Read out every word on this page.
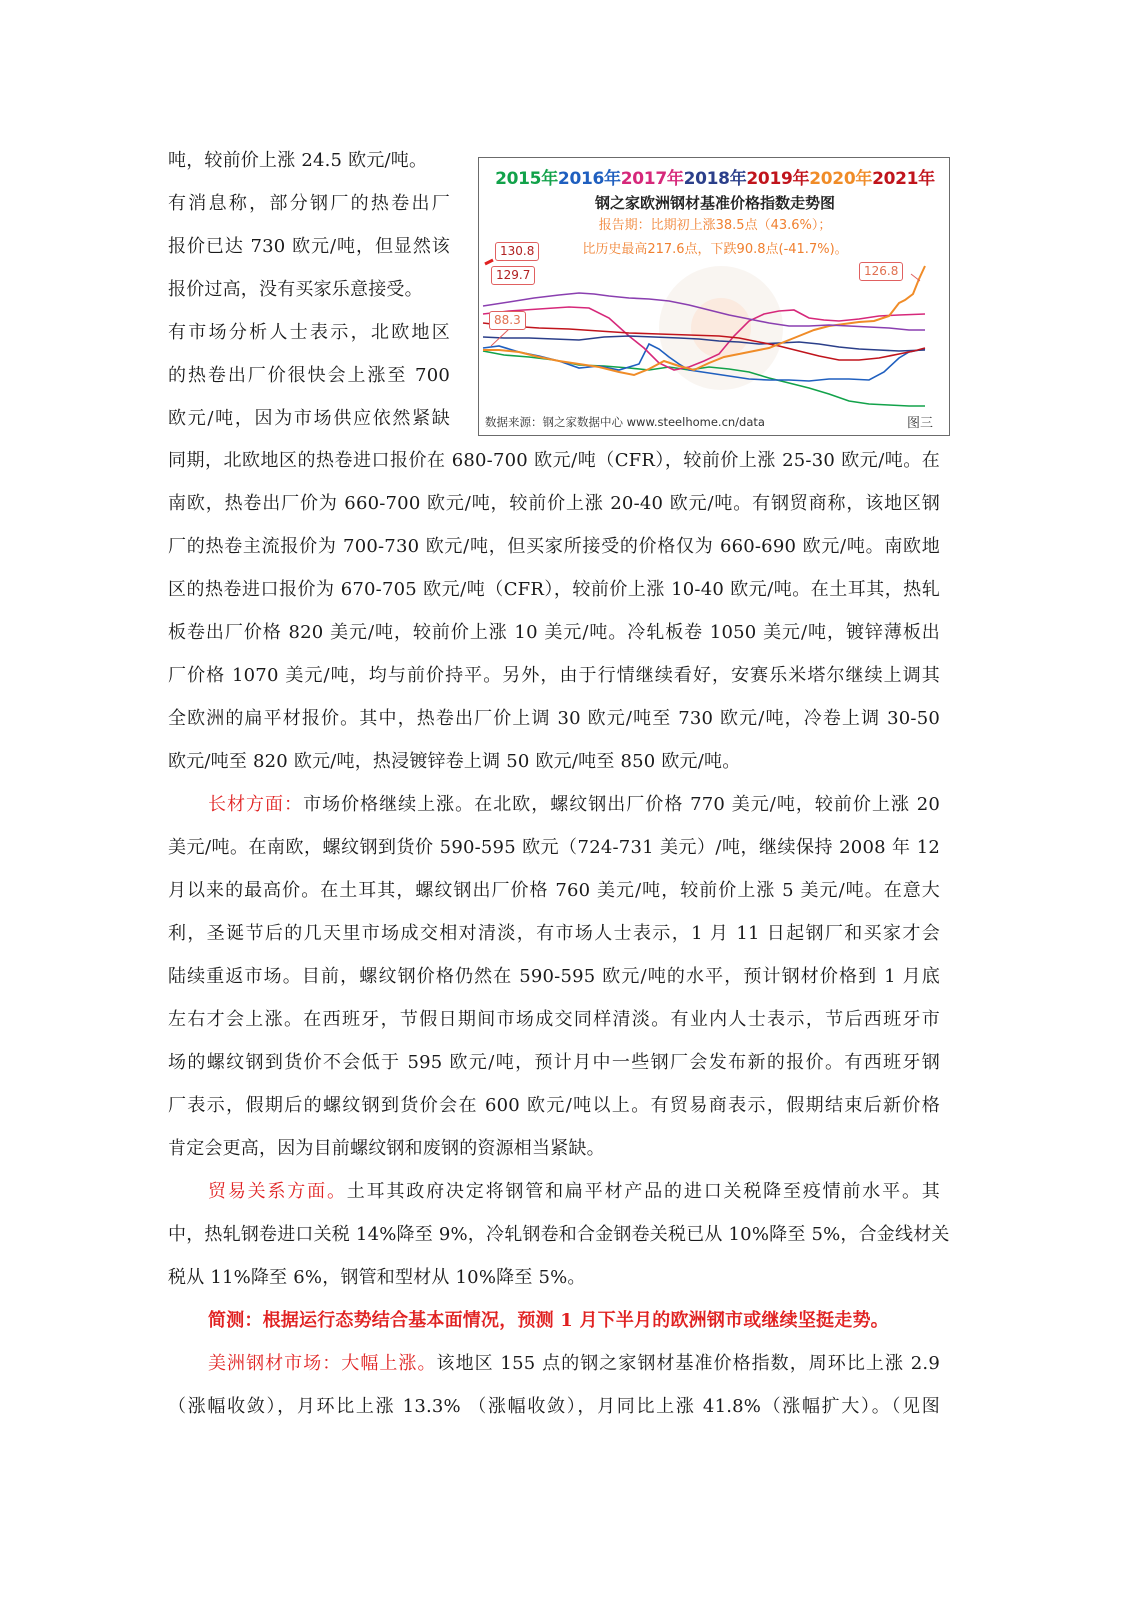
吨，较前价上涨 24.5 欧元/吨。
有消息称，部分钢厂的热卷出厂
报价已达 730 欧元/吨，但显然该
报价过高，没有买家乐意接受。
有市场分析人士表示，北欧地区
的热卷出厂价很快会上涨至 700
欧元/吨，因为市场供应依然紧缺
2015年2016年2017年2018年2019年2020年2021年
钢之家欧洲钢材基准价格指数走势图
报告期：比期初上涨38.5点（43.6%）；
比历史最高217.6点，下跌90.8点(-41.7%)。
130.8
129.7
88.3
126.8
数据来源：钢之家数据中心 www.steelhome.cn/data	图三
同期，北欧地区的热卷进口报价在 680-700 欧元/吨（CFR），较前价上涨 25-30 欧元/吨。在
南欧，热卷出厂价为 660-700 欧元/吨，较前价上涨 20-40 欧元/吨。有钢贸商称，该地区钢
厂的热卷主流报价为 700-730 欧元/吨，但买家所接受的价格仅为 660-690 欧元/吨。南欧地
区的热卷进口报价为 670-705 欧元/吨（CFR），较前价上涨 10-40 欧元/吨。在土耳其，热轧
板卷出厂价格 820 美元/吨，较前价上涨 10 美元/吨。冷轧板卷 1050 美元/吨，镀锌薄板出
厂价格 1070 美元/吨，均与前价持平。另外，由于行情继续看好，安赛乐米塔尔继续上调其
全欧洲的扁平材报价。其中，热卷出厂价上调 30 欧元/吨至 730 欧元/吨，冷卷上调 30-50
欧元/吨至 820 欧元/吨，热浸镀锌卷上调 50 欧元/吨至 850 欧元/吨。
长材方面：市场价格继续上涨。在北欧，螺纹钢出厂价格 770 美元/吨，较前价上涨 20
美元/吨。在南欧，螺纹钢到货价 590-595 欧元（724-731 美元）/吨，继续保持 2008 年 12
月以来的最高价。在土耳其，螺纹钢出厂价格 760 美元/吨，较前价上涨 5 美元/吨。在意大
利，圣诞节后的几天里市场成交相对清淡，有市场人士表示，1 月 11 日起钢厂和买家才会
陆续重返市场。目前，螺纹钢价格仍然在 590-595 欧元/吨的水平，预计钢材价格到 1 月底
左右才会上涨。在西班牙，节假日期间市场成交同样清淡。有业内人士表示，节后西班牙市
场的螺纹钢到货价不会低于 595 欧元/吨，预计月中一些钢厂会发布新的报价。有西班牙钢
厂表示，假期后的螺纹钢到货价会在 600 欧元/吨以上。有贸易商表示，假期结束后新价格
肯定会更高，因为目前螺纹钢和废钢的资源相当紧缺。
贸易关系方面。土耳其政府决定将钢管和扁平材产品的进口关税降至疫情前水平。其
中，热轧钢卷进口关税 14%降至 9%，冷轧钢卷和合金钢卷关税已从 10%降至 5%，合金线材关
税从 11%降至 6%，钢管和型材从 10%降至 5%。
简测：根据运行态势结合基本面情况，预测 1 月下半月的欧洲钢市或继续坚挺走势。
美洲钢材市场：大幅上涨。该地区 155 点的钢之家钢材基准价格指数，周环比上涨 2.9
（涨幅收敛），月环比上涨 13.3% （涨幅收敛），月同比上涨 41.8%（涨幅扩大）。（见图
